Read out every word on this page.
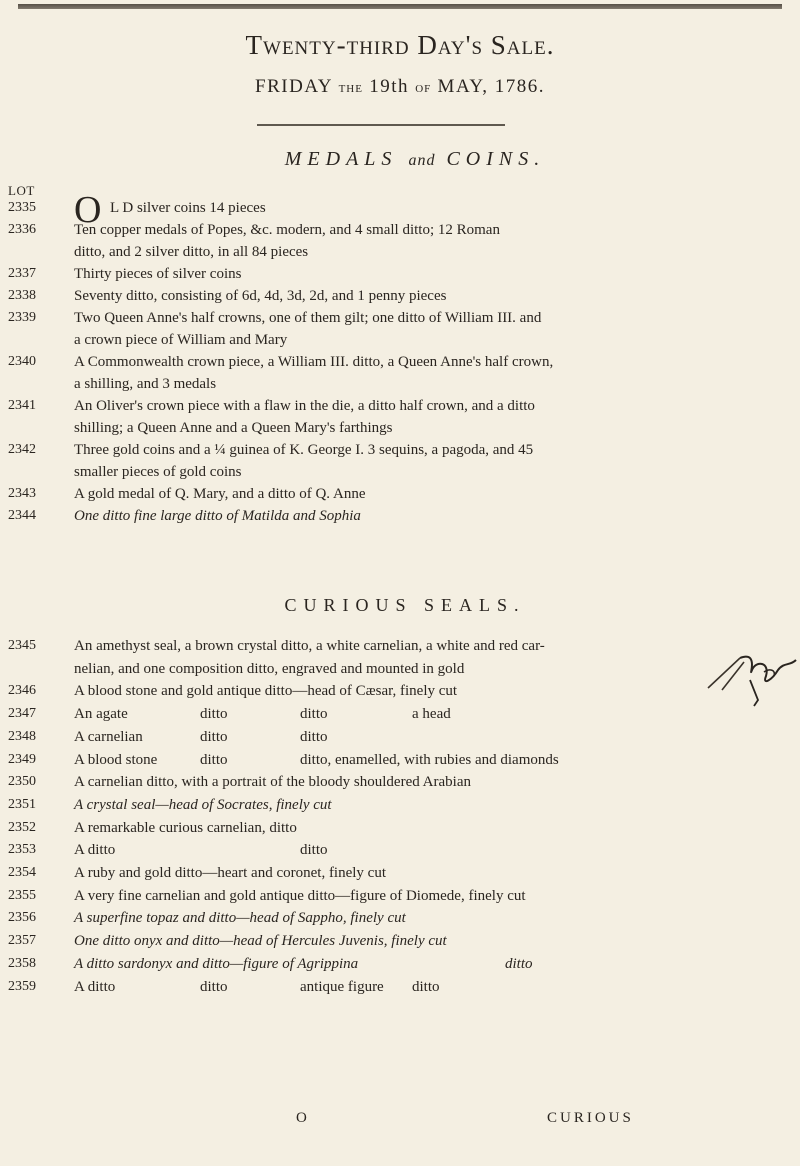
Twenty-third Day's Sale.
FRIDAY the 19th of MAY, 1786.
MEDALS and COINS.
LOT
2335	L D silver coins 14 pieces
O
2336	Ten copper medals of Popes, &c. modern, and 4 small ditto; 12 Roman
ditto, and 2 silver ditto, in all 84 pieces
2337	Thirty pieces of silver coins
2338	Seventy ditto, consisting of 6d, 4d, 3d, 2d, and 1 penny pieces
2339	Two Queen Anne's half crowns, one of them gilt; one ditto of William III. and
a crown piece of William and Mary
2340	A Commonwealth crown piece, a William III. ditto, a Queen Anne's half crown,
a shilling, and 3 medals
2341	An Oliver's crown piece with a flaw in the die, a ditto half crown, and a ditto
shilling; a Queen Anne and a Queen Mary's farthings
2342	Three gold coins and a ¼ guinea of K. George I. 3 sequins, a pagoda, and 45
smaller pieces of gold coins
2343	A gold medal of Q. Mary, and a ditto of Q. Anne
2344	One ditto fine large ditto of Matilda and Sophia
CURIOUS SEALS.
2345	An amethyst seal, a brown crystal ditto, a white carnelian, a white and red car-
nelian, and one composition ditto, engraved and mounted in gold
2346	A blood stone and gold antique ditto—head of Cæsar, finely cut
2347	An agate	ditto	ditto	a head
2348	A carnelian	ditto	ditto
2349	A blood stone	ditto	ditto, enamelled, with rubies and diamonds
2350	A carnelian ditto, with a portrait of the bloody shouldered Arabian
2351	A crystal seal—head of Socrates, finely cut
2352	A remarkable curious carnelian, ditto
2353	A ditto	ditto
2354	A ruby and gold ditto—heart and coronet, finely cut
2355	A very fine carnelian and gold antique ditto—figure of Diomede, finely cut
2356	A superfine topaz and ditto—head of Sappho, finely cut
2357	One ditto onyx and ditto—head of Hercules Juvenis, finely cut
2358	A ditto sardonyx and ditto—figure of Agrippina	ditto
2359	A ditto	ditto	antique figure ditto
O	CURIOUS
